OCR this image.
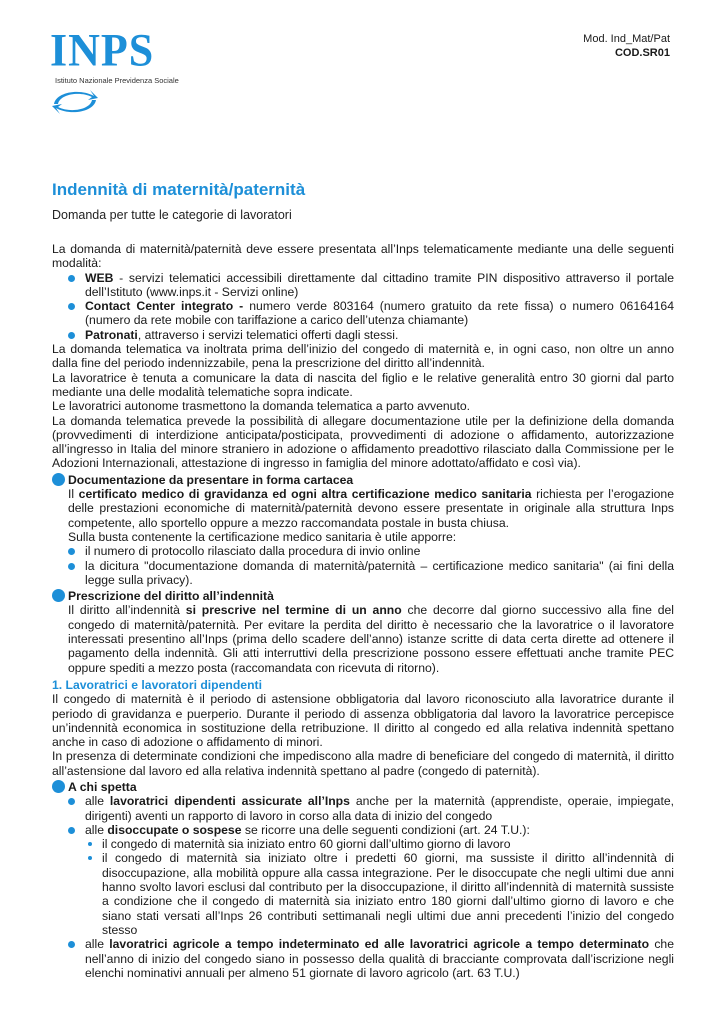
INPS
Istituto Nazionale Previdenza Sociale
Mod. Ind_Mat/Pat
COD.SR01
Indennità di maternità/paternità
Domanda per tutte le categorie di lavoratori

La domanda di maternità/paternità deve essere presentata all’Inps telematicamente mediante una delle seguenti modalità:

WEB - servizi telematici accessibili direttamente dal cittadino tramite PIN dispositivo attraverso il portale dell’Istituto (www.inps.it - Servizi online)
Contact Center integrato - numero verde 803164 (numero gratuito da rete fissa) o numero 06164164 (numero da rete mobile con tariffazione a carico dell’utenza chiamante)
Patronati, attraverso i servizi telematici offerti dagli stessi.

La domanda telematica va inoltrata prima dell’inizio del congedo di maternità e, in ogni caso, non oltre un anno dalla fine del periodo indennizzabile, pena la prescrizione del diritto all’indennità.

La lavoratrice è tenuta a comunicare la data di nascita del figlio e le relative generalità entro 30 giorni dal parto mediante una delle modalità telematiche sopra indicate.

Le lavoratrici autonome trasmettono la domanda telematica a parto avvenuto.

La domanda telematica prevede la possibilità di allegare documentazione utile per la definizione della domanda (provvedimenti di interdizione anticipata/posticipata, provvedimenti di adozione o affidamento, autorizzazione all’ingresso in Italia del minore straniero in adozione o affidamento preadottivo rilasciato dalla Commissione per le Adozioni Internazionali, attestazione di ingresso in famiglia del minore adottato/affidato e così via).

Documentazione da presentare in forma cartacea

Il certificato medico di gravidanza ed ogni altra certificazione medico sanitaria richiesta per l’erogazione delle prestazioni economiche di maternità/paternità devono essere presentate in originale alla struttura Inps competente, allo sportello oppure a mezzo raccomandata postale in busta chiusa.

Sulla busta contenente la certificazione medico sanitaria è utile apporre:

il numero di protocollo rilasciato dalla procedura di invio online
la dicitura "documentazione domanda di maternità/paternità – certificazione medico sanitaria" (ai fini della legge sulla privacy).
Prescrizione del diritto all’indennità

Il diritto all’indennità si prescrive nel termine di un anno che decorre dal giorno successivo alla fine del congedo di maternità/paternità. Per evitare la perdita del diritto è necessario che la lavoratrice o il lavoratore interessati presentino all’Inps (prima dello scadere dell’anno) istanze scritte di data certa dirette ad ottenere il pagamento della indennità. Gli atti interruttivi della prescrizione possono essere effettuati anche tramite PEC oppure spediti a mezzo posta (raccomandata con ricevuta di ritorno).

1. Lavoratrici e lavoratori dipendenti

Il congedo di maternità è il periodo di astensione obbligatoria dal lavoro riconosciuto alla lavoratrice durante il periodo di gravidanza e puerperio. Durante il periodo di assenza obbligatoria dal lavoro la lavoratrice percepisce un’indennità economica in sostituzione della retribuzione. Il diritto al congedo ed alla relativa indennità spettano anche in caso di adozione o affidamento di minori.

In presenza di determinate condizioni che impediscono alla madre di beneficiare del congedo di maternità, il diritto all’astensione dal lavoro ed alla relativa indennità spettano al padre (congedo di paternità).

A chi spetta
alle lavoratrici dipendenti assicurate all’Inps anche per la maternità (apprendiste, operaie, impiegate, dirigenti) aventi un rapporto di lavoro in corso alla data di inizio del congedo
alle disoccupate o sospese se ricorre una delle seguenti condizioni (art. 24 T.U.):
il congedo di maternità sia iniziato entro 60 giorni dall’ultimo giorno di lavoro
il congedo di maternità sia iniziato oltre i predetti 60 giorni, ma sussiste il diritto all’indennità di disoccupazione, alla mobilità oppure alla cassa integrazione. Per le disoccupate che negli ultimi due anni hanno svolto lavori esclusi dal contributo per la disoccupazione, il diritto all’indennità di maternità sussiste a condizione che il congedo di maternità sia iniziato entro 180 giorni dall’ultimo giorno di lavoro e che siano stati versati all’Inps 26 contributi settimanali negli ultimi due anni precedenti l’inizio del congedo stesso
alle lavoratrici agricole a tempo indeterminato ed alle lavoratrici agricole a tempo determinato che nell’anno di inizio del congedo siano in possesso della qualità di bracciante comprovata dall’iscrizione negli elenchi nominativi annuali per almeno 51 giornate di lavoro agricolo (art. 63 T.U.)
